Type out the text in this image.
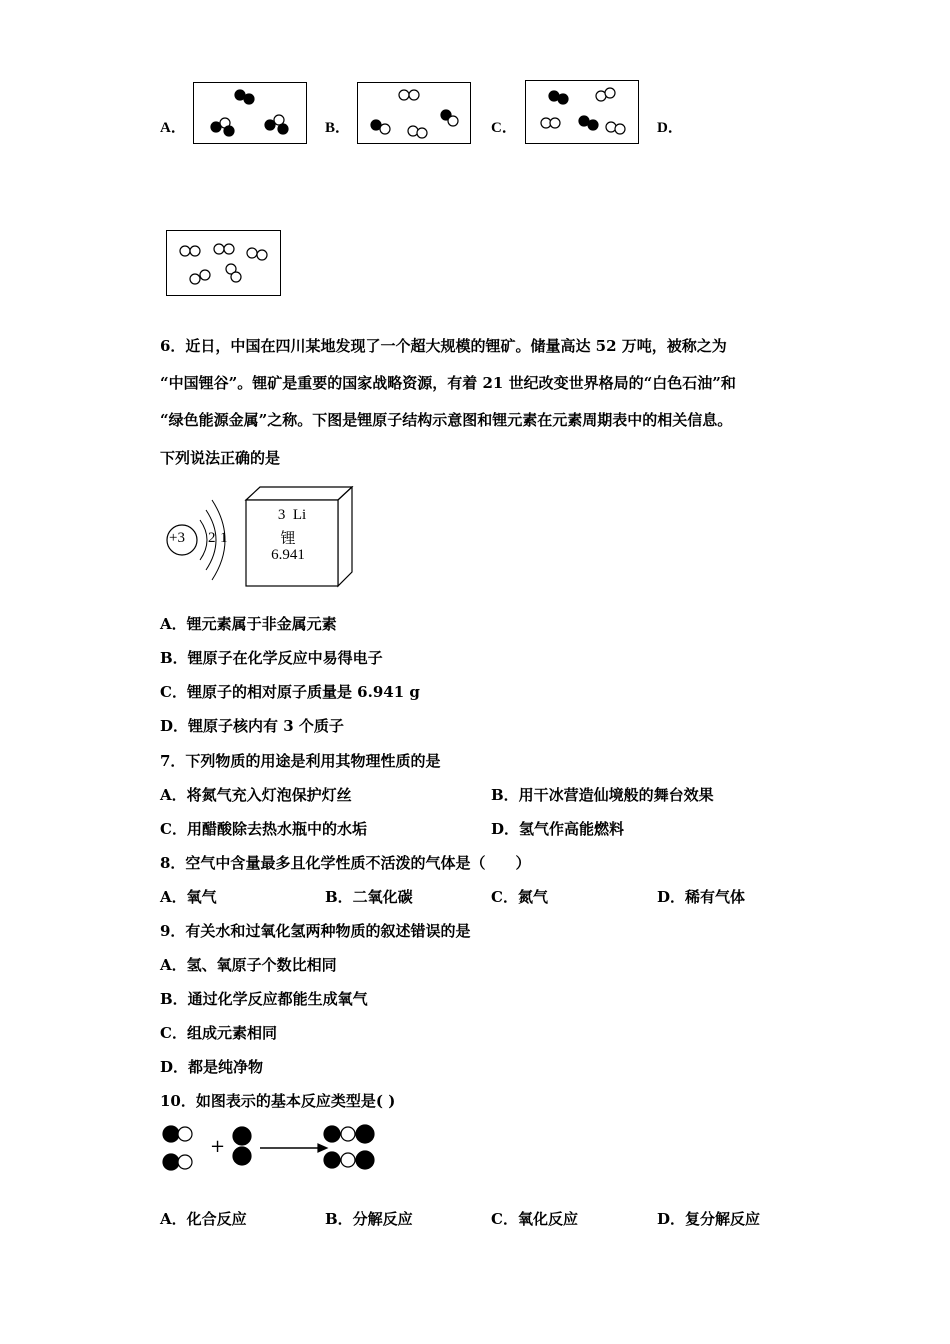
A．	B．	C．	D．
6．近日，中国在四川某地发现了一个超大规模的锂矿。储量高达 52 万吨，被称之为
“中国锂谷”。锂矿是重要的国家战略资源，有着 21 世纪改变世界格局的“白色石油”和
“绿色能源金属”之称。下图是锂原子结构示意图和锂元素在元素周期表中的相关信息。
下列说法正确的是
+3 2 1
3 Li
锂
6.941
A．锂元素属于非金属元素
B．锂原子在化学反应中易得电子
C．锂原子的相对原子质量是 6.941 g
D．锂原子核内有 3 个质子
7．下列物质的用途是利用其物理性质的是
A．将氮气充入灯泡保护灯丝	B．用干冰营造仙境般的舞台效果
C．用醋酸除去热水瓶中的水垢	D．氢气作高能燃料
8．空气中含量最多且化学性质不活泼的气体是（　　）
A．氧气	B．二氧化碳	C．氮气	D．稀有气体
9．有关水和过氧化氢两种物质的叙述错误的是
A．氢、氧原子个数比相同
B．通过化学反应都能生成氧气
C．组成元素相同
D．都是纯净物
10．如图表示的基本反应类型是( )
+
A．化合反应	B．分解反应	C．氧化反应	D．复分解反应
